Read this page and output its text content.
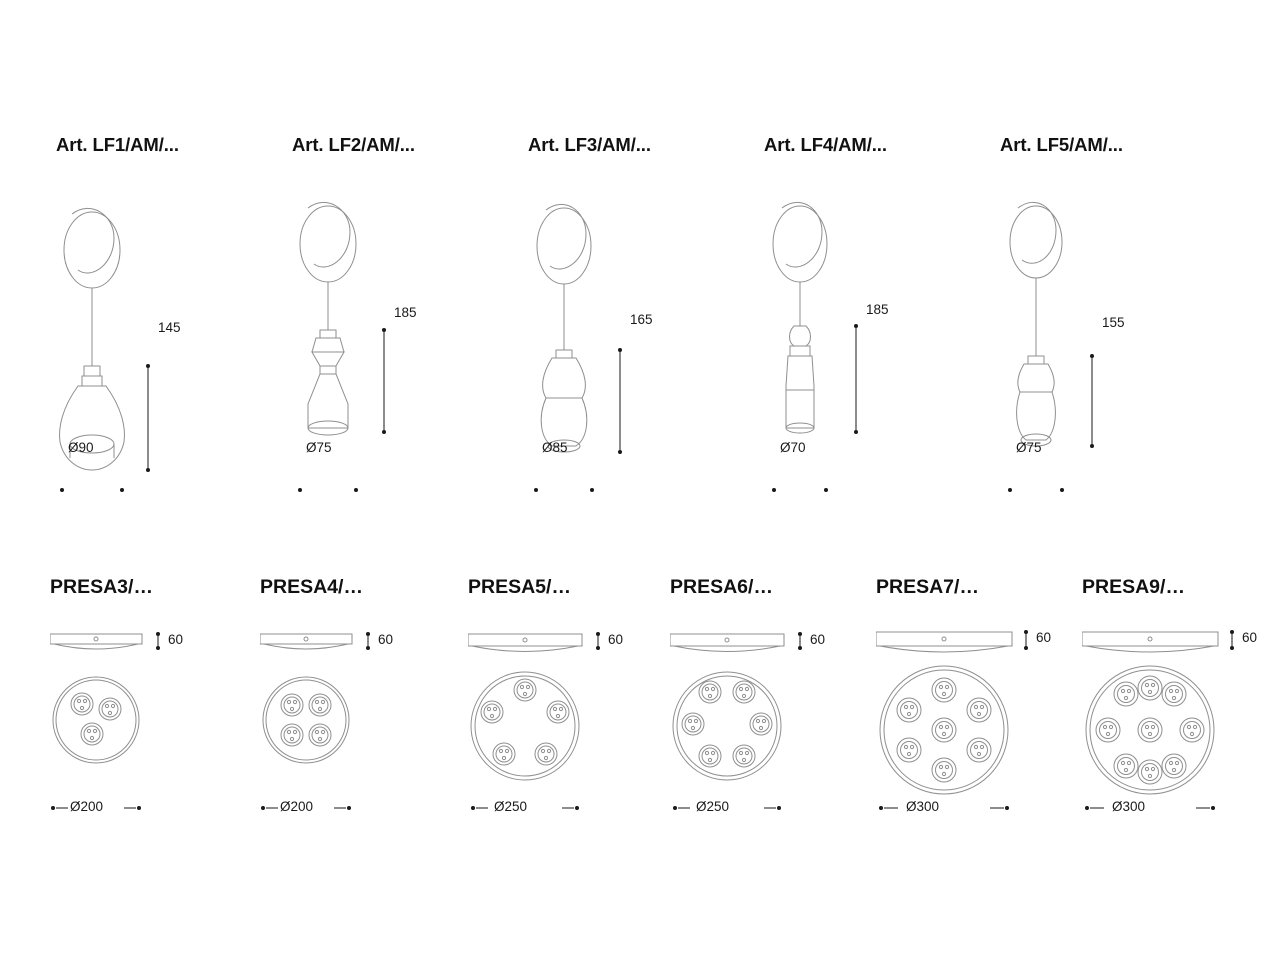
Art. LF1/AM/...
145
Ø90
Art. LF2/AM/...
185
Ø75
Art. LF3/AM/...
165
Ø85
Art. LF4/AM/...
185
Ø70
Art. LF5/AM/...
155
Ø75
PRESA3/…
60
Ø200
PRESA4/…
60
Ø200
PRESA5/…
60
Ø250
PRESA6/…
60
Ø250
PRESA7/…
60
Ø300
PRESA9/…
60
Ø300
